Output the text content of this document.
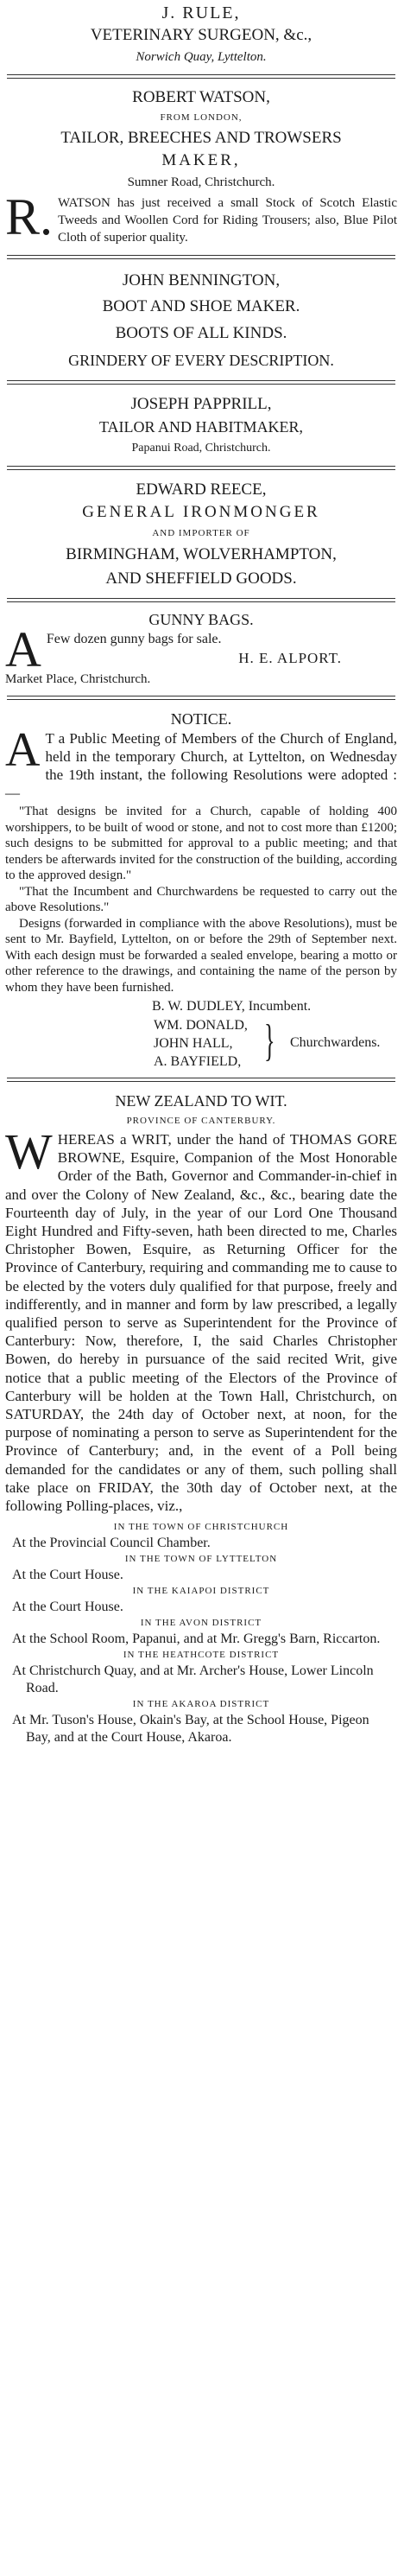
J. RULE,
VETERINARY SURGEON, &c.,
Norwich Quay, Lyttelton.
ROBERT WATSON,
FROM LONDON,
TAILOR, BREECHES AND TROWSERS
MAKER,
Sumner Road, Christchurch.
R. WATSON has just received a small Stock of Scotch Elastic Tweeds and Woollen Cord for Riding Trousers; also, Blue Pilot Cloth of superior quality.
JOHN BENNINGTON,
BOOT AND SHOE MAKER.
BOOTS OF ALL KINDS.
GRINDERY OF EVERY DESCRIPTION.
JOSEPH PAPPRILL,
TAILOR AND HABITMAKER,
Papanui Road, Christchurch.
EDWARD REECE,
GENERAL IRONMONGER
AND IMPORTER OF
BIRMINGHAM, WOLVERHAMPTON,
AND SHEFFIELD GOODS.
GUNNY BAGS.
A Few dozen gunny bags for sale.
H. E. ALPORT.
Market Place, Christchurch.
NOTICE.
A T a Public Meeting of Members of the Church of England, held in the temporary Church, at Lyttelton, on Wednesday the 19th instant, the following Resolutions were adopted :—
"That designs be invited for a Church, capable of holding 400 worshippers, to be built of wood or stone, and not to cost more than £1200; such designs to be submitted for approval to a public meeting; and that tenders be afterwards invited for the construction of the building, according to the approved design."
"That the Incumbent and Churchwardens be requested to carry out the above Resolutions."
Designs (forwarded in compliance with the above Resolutions), must be sent to Mr. Bayfield, Lyttelton, on or before the 29th of September next. With each design must be forwarded a sealed envelope, bearing a motto or other reference to the drawings, and containing the name of the person by whom they have been furnished.
B. W. DUDLEY, Incumbent.
WM. DONALD,
JOHN HALL,
A. BAYFIELD, } Churchwardens.
NEW ZEALAND TO WIT.
PROVINCE OF CANTERBURY.
W HEREAS a WRIT, under the hand of THOMAS GORE BROWNE, Esquire, Companion of the Most Honorable Order of the Bath, Governor and Commander-in-chief in and over the Colony of New Zealand, &c., &c., bearing date the Fourteenth day of July, in the year of our Lord One Thousand Eight Hundred and Fifty-seven, hath been directed to me, Charles Christopher Bowen, Esquire, as Returning Officer for the Province of Canterbury, requiring and commanding me to cause to be elected by the voters duly qualified for that purpose, freely and indifferently, and in manner and form by law prescribed, a legally qualified person to serve as Superintendent for the Province of Canterbury: Now, therefore, I, the said Charles Christopher Bowen, do hereby in pursuance of the said recited Writ, give notice that a public meeting of the Electors of the Province of Canterbury will be holden at the Town Hall, Christchurch, on SATURDAY, the 24th day of October next, at noon, for the purpose of nominating a person to serve as Superintendent for the Province of Canterbury; and, in the event of a Poll being demanded for the candidates or any of them, such polling shall take place on FRIDAY, the 30th day of October next, at the following Polling-places, viz.,
IN THE TOWN OF CHRISTCHURCH
At the Provincial Council Chamber.
IN THE TOWN OF LYTTELTON
At the Court House.
IN THE KAIAPOI DISTRICT
At the Court House.
IN THE AVON DISTRICT
At the School Room, Papanui, and at Mr. Gregg's Barn, Riccarton.
IN THE HEATHCOTE DISTRICT
At Christchurch Quay, and at Mr. Archer's House, Lower Lincoln Road.
IN THE AKAROA DISTRICT
At Mr. Tuson's House, Okain's Bay, at the School House, Pigeon Bay, and at the Court House, Akaroa.
